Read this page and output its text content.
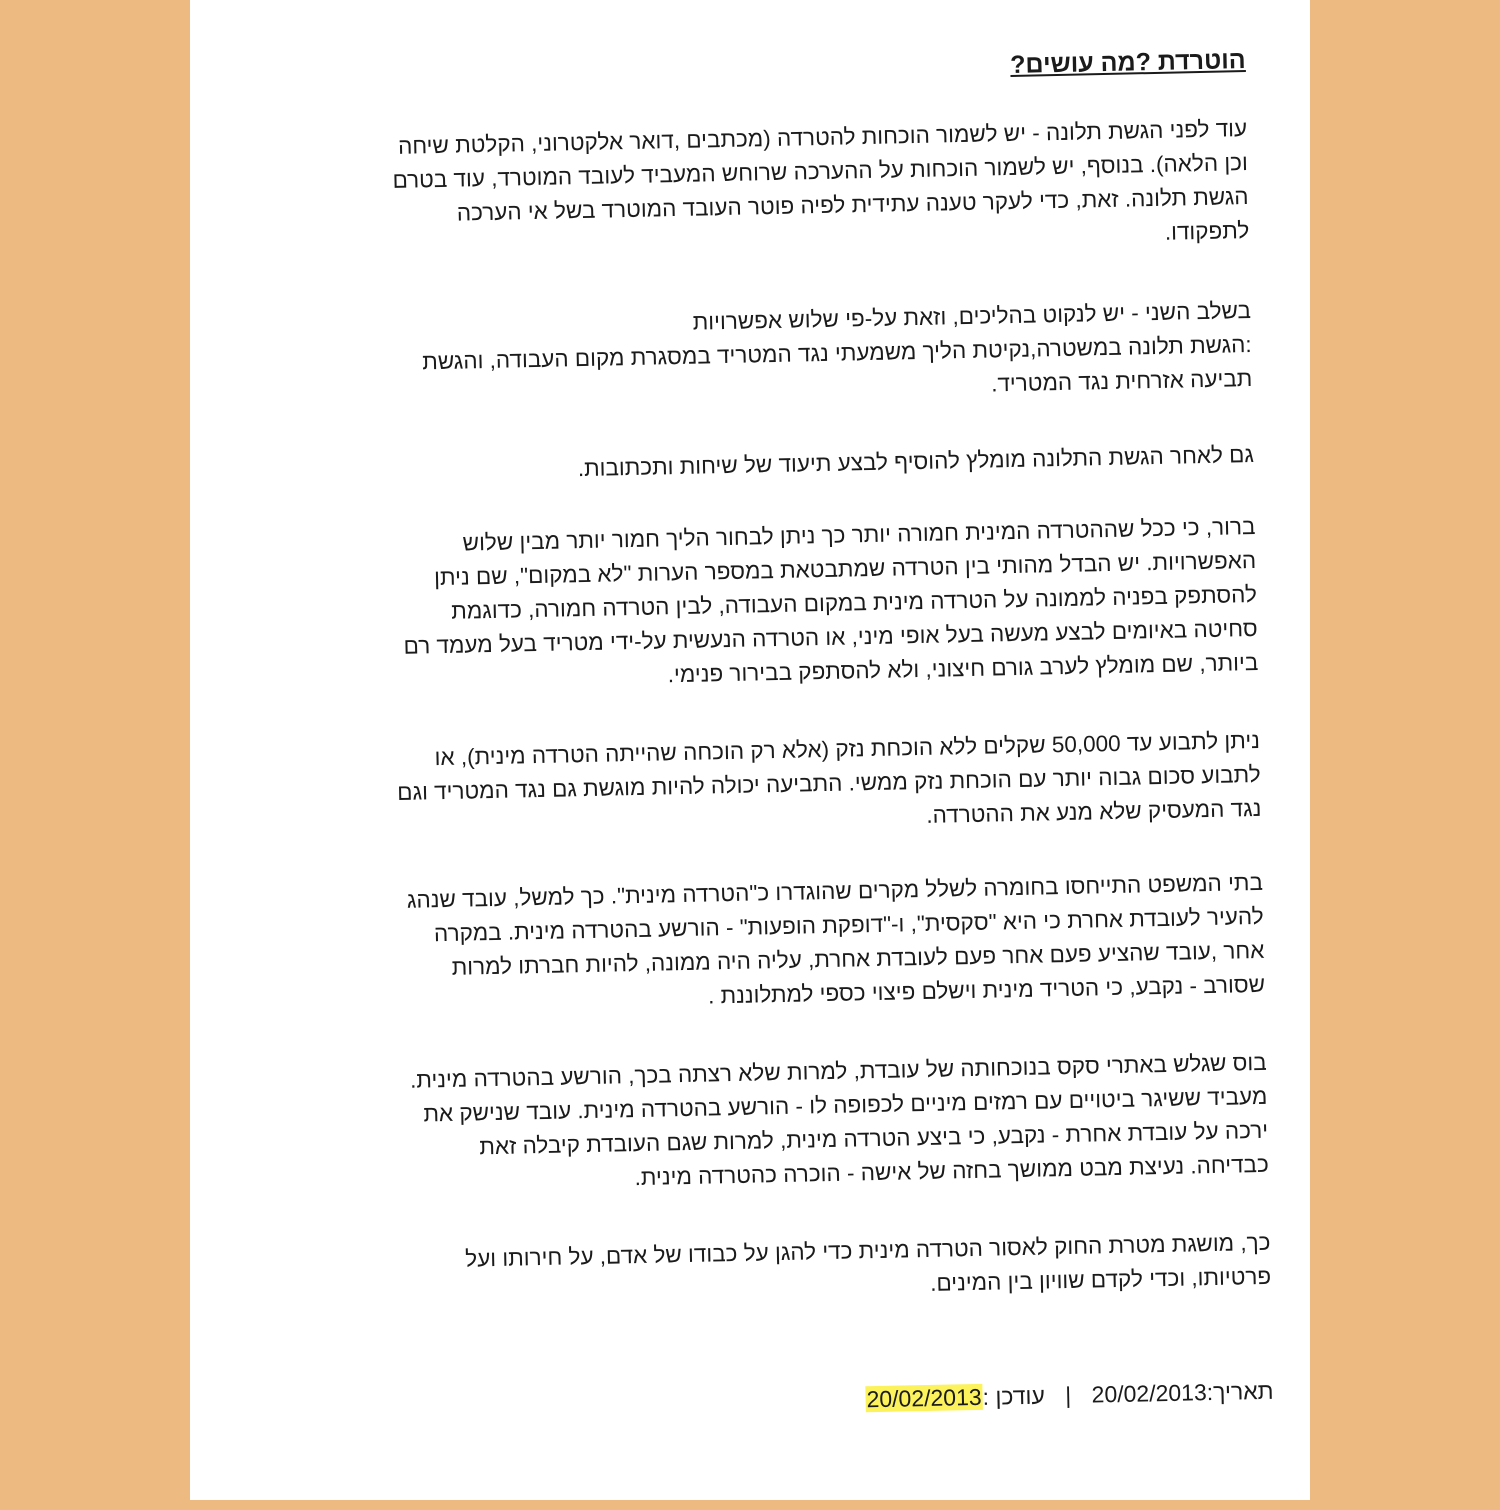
הוטרדת ?מה עושים?

עוד לפני הגשת תלונה - יש לשמור הוכחות להטרדה (מכתבים ,דואר אלקטרוני, הקלטת שיחה
וכן הלאה). בנוסף, יש לשמור הוכחות על ההערכה שרוחש המעביד לעובד המוטרד, עוד בטרם
הגשת תלונה. זאת, כדי לעקר טענה עתידית לפיה פוטר העובד המוטרד בשל אי הערכה
לתפקודו.

בשלב השני - יש לנקוט בהליכים, וזאת על-פי שלוש אפשרויות
:הגשת תלונה במשטרה,נקיטת הליך משמעתי נגד המטריד במסגרת מקום העבודה, והגשת
תביעה אזרחית נגד המטריד.

גם לאחר הגשת התלונה מומלץ להוסיף לבצע תיעוד של שיחות ותכתובות.

ברור, כי ככל שההטרדה המינית חמורה יותר כך ניתן לבחור הליך חמור יותר מבין שלוש
האפשרויות. יש הבדל מהותי בין הטרדה שמתבטאת במספר הערות "לא במקום", שם ניתן
להסתפק בפניה לממונה על הטרדה מינית במקום העבודה, לבין הטרדה חמורה, כדוגמת
סחיטה באיומים לבצע מעשה בעל אופי מיני, או הטרדה הנעשית על-ידי מטריד בעל מעמד רם
ביותר, שם מומלץ לערב גורם חיצוני, ולא להסתפק בבירור פנימי.

ניתן לתבוע עד 50,000 שקלים ללא הוכחת נזק (אלא רק הוכחה שהייתה הטרדה מינית), או
לתבוע סכום גבוה יותר עם הוכחת נזק ממשי. התביעה יכולה להיות מוגשת גם נגד המטריד וגם
נגד המעסיק שלא מנע את ההטרדה.

בתי המשפט התייחסו בחומרה לשלל מקרים שהוגדרו כ"הטרדה מינית". כך למשל, עובד שנהג
להעיר לעובדת אחרת כי היא "סקסית", ו-"דופקת הופעות" - הורשע בהטרדה מינית. במקרה
אחר ,עובד שהציע פעם אחר פעם לעובדת אחרת, עליה היה ממונה, להיות חברתו למרות
שסורב - נקבע, כי הטריד מינית וישלם פיצוי כספי למתלוננת .

בוס שגלש באתרי סקס בנוכחותה של עובדת, למרות שלא רצתה בכך, הורשע בהטרדה מינית.
מעביד ששיגר ביטויים עם רמזים מיניים לכפופה לו - הורשע בהטרדה מינית. עובד שנישק את
ירכה על עובדת אחרת - נקבע, כי ביצע הטרדה מינית, למרות שגם העובדת קיבלה זאת
כבדיחה. נעיצת מבט ממושך בחזה של אישה - הוכרה כהטרדה מינית.

כך, מושגת מטרת החוק לאסור הטרדה מינית כדי להגן על כבודו של אדם, על חירותו ועל
פרטיותו, וכדי לקדם שוויון בין המינים.

תאריך:20/02/2013 | עודכן :20/02/2013
